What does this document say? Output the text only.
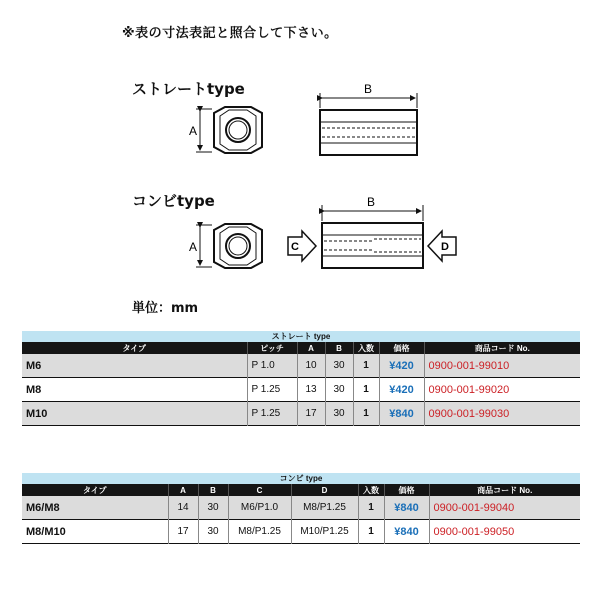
※表の寸法表記と照合して下さい。
ストレートtype
コンビtype
A
B
A
B
C	D
単位：mm
ストレート type						
タイプ	ピッチ	A	B	入数	価格	商品コード No.
M6	P 1.0	10	30	1	¥420	0900-001-99010
M8	P 1.25	13	30	1	¥420	0900-001-99020
M10	P 1.25	17	30	1	¥840	0900-001-99030
コンビ type							
タイプ	A	B	C	D	入数	価格	商品コード No.
M6/M8	14	30	M6/P1.0	M8/P1.25	1	¥840	0900-001-99040
M8/M10	17	30	M8/P1.25	M10/P1.25	1	¥840	0900-001-99050
